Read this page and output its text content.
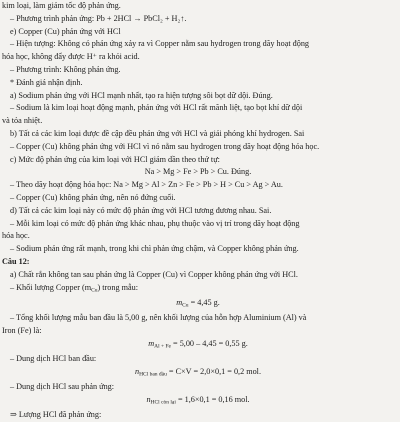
kim loại, làm giảm tốc độ phản ứng.
– Phương trình phản ứng: Pb + 2HCl → PbCl₂ + H₂↑.
e) Copper (Cu) phản ứng với HCl
– Hiện tượng: Không có phản ứng xảy ra vì Copper nằm sau hydrogen trong dãy hoạt động
hóa học, không đẩy được H⁺ ra khỏi acid.
– Phương trình: Không phản ứng.
* Đánh giá nhận định.
a) Sodium phản ứng với HCl mạnh nhất, tạo ra hiện tượng sôi bọt dữ dội. Đúng.
– Sodium là kim loại hoạt động mạnh, phản ứng với HCl rất mãnh liệt, tạo bọt khí dữ dội
và tỏa nhiệt.
b) Tất cả các kim loại được đề cập đều phản ứng với HCl và giải phóng khí hydrogen. Sai
– Copper (Cu) không phản ứng với HCl vì nó nằm sau hydrogen trong dãy hoạt động hóa học.
c) Mức độ phản ứng của kim loại với HCl giảm dần theo thứ tự:
Na > Mg > Fe > Pb > Cu. Đúng.
– Theo dãy hoạt động hóa học: Na > Mg > Al > Zn > Fe > Pb > H > Cu > Ag > Au.
– Copper (Cu) không phản ứng, nên nó đứng cuối.
d) Tất cả các kim loại này có mức độ phản ứng với HCl tương đương nhau. Sai.
– Mỗi kim loại có mức độ phản ứng khác nhau, phụ thuộc vào vị trí trong dãy hoạt động
hóa học.
– Sodium phản ứng rất mạnh, trong khi chì phản ứng chậm, và Copper không phản ứng.
Câu 12:
a) Chất rắn không tan sau phản ứng là Copper (Cu) vì Copper không phản ứng với HCl.
– Khối lượng Copper $(m_{Cu})$ trong mẫu:
$m_{Cu} = 4,45$ g.
– Tổng khối lượng mẫu ban đầu là 5,00 g, nên khối lượng của hỗn hợp Aluminium (Al) và
Iron (Fe) là:
$m_{Al + Fe} = 5,00 - 4,45 = 0,55$ g.
– Dung dịch HCl ban đầu:
$n_{HCl ban đầu} = C\times V = 2,0\times 0,1 = 0,2$ mol.
– Dung dịch HCl sau phản ứng:
$n_{HCl còn lại} = 1,6\times 0,1 = 0,16$ mol.
⇒ Lượng HCl đã phản ứng:
